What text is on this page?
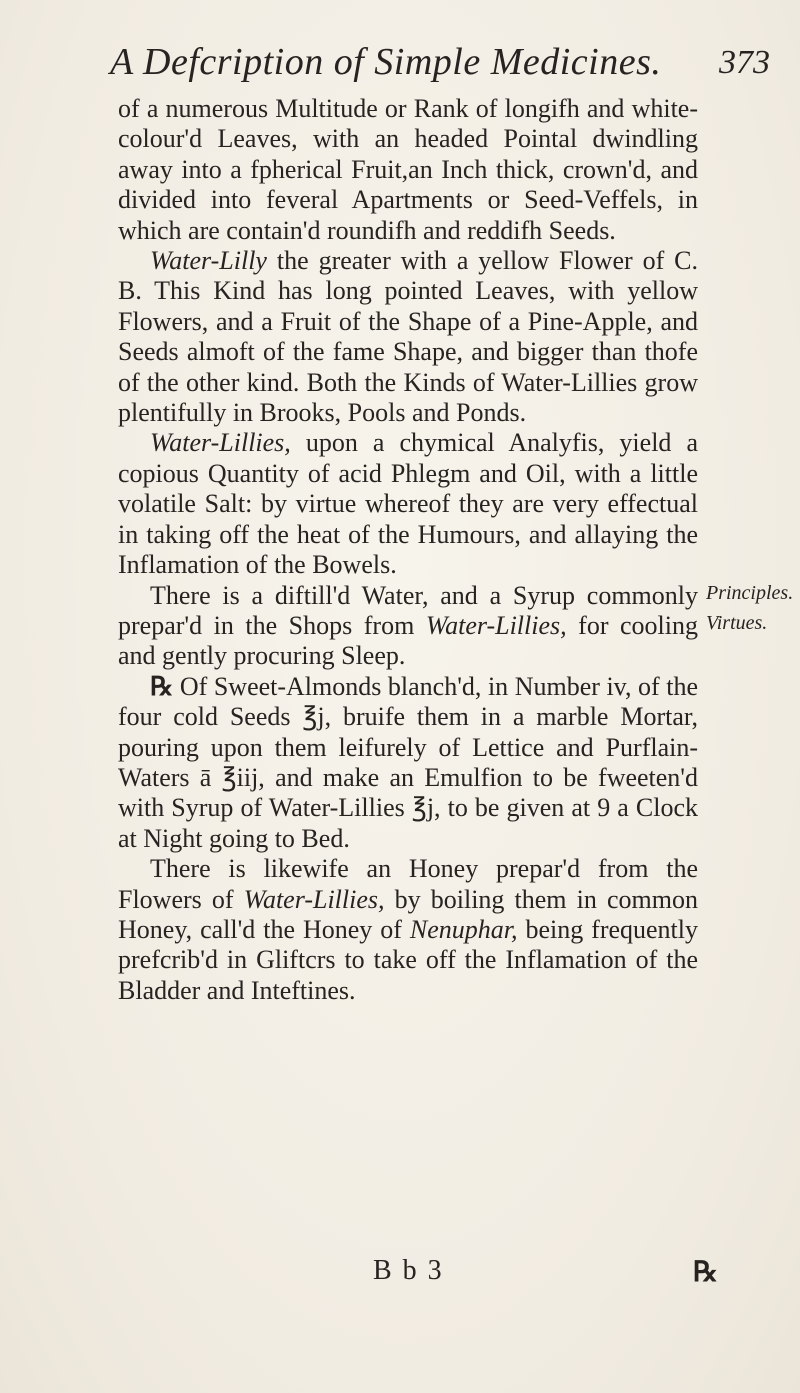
A Defcription of Simple Medicines. 373

of a numerous Multitude or Rank of longifh and white-colour'd Leaves, with an headed Pointal dwindling away into a fpherical Fruit,an Inch thick, crown'd, and divided into feveral Apartments or Seed-Veffels, in which are contain'd roundifh and reddifh Seeds.

Water-Lilly the greater with a yellow Flower of C. B. This Kind has long pointed Leaves, with yellow Flowers, and a Fruit of the Shape of a Pine-Apple, and Seeds almoft of the fame Shape, and bigger than thofe of the other kind. Both the Kinds of Water-Lillies grow plentifully in Brooks, Pools and Ponds.

Water-Lillies, upon a chymical Analyfis, yield a copious Quantity of acid Phlegm and Oil, with a little volatile Salt: by virtue whereof they are very effectual in taking off the heat of the Humours, and allaying the Inflamation of the Bowels.

There is a diftill'd Water, and a Syrup commonly prepar'd in the Shops from Water-Lillies, for cooling and gently procuring Sleep.

℞ Of Sweet-Almonds blanch'd, in Number iv, of the four cold Seeds ℥j, bruife them in a marble Mortar, pouring upon them leifurely of Lettice and Purflain-Waters ā ℥iij, and make an Emulfion to be fweeten'd with Syrup of Water-Lillies ℥j, to be given at 9 a Clock at Night going to Bed.

There is likewife an Honey prepar'd from the Flowers of Water-Lillies, by boiling them in common Honey, call'd the Honey of Nenuphar, being frequently prefcrib'd in Gliftcrs to take off the Inflamation of the Bladder and Inteftines.

Principles.
Virtues.
B b 3	℞
